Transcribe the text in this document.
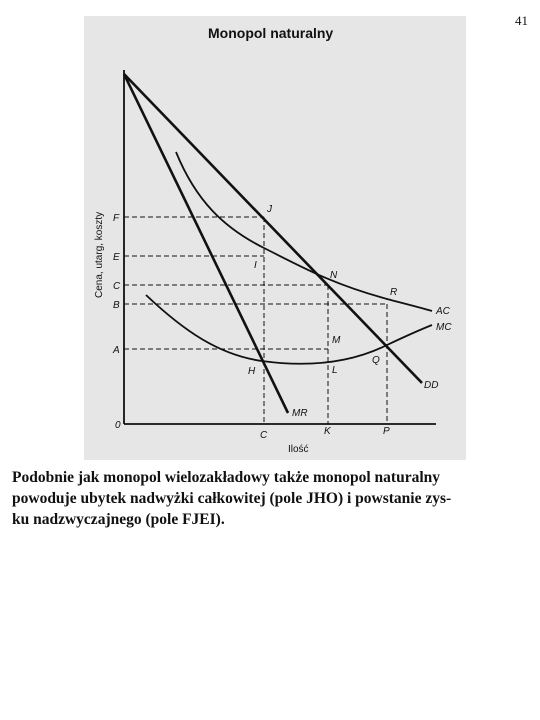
41
Monopol naturalny
Cena, utarg, koszty F
E
C
B
A
0
C	K	P
Ilość
J
I
N
R
M
Q
H	L
AC
MC
DD
MR
Podobnie jak monopol wielozakładowy także monopol naturalny
powoduje ubytek nadwyżki całkowitej (pole JHO) i powstanie zys-
ku nadzwyczajnego (pole FJEI).
